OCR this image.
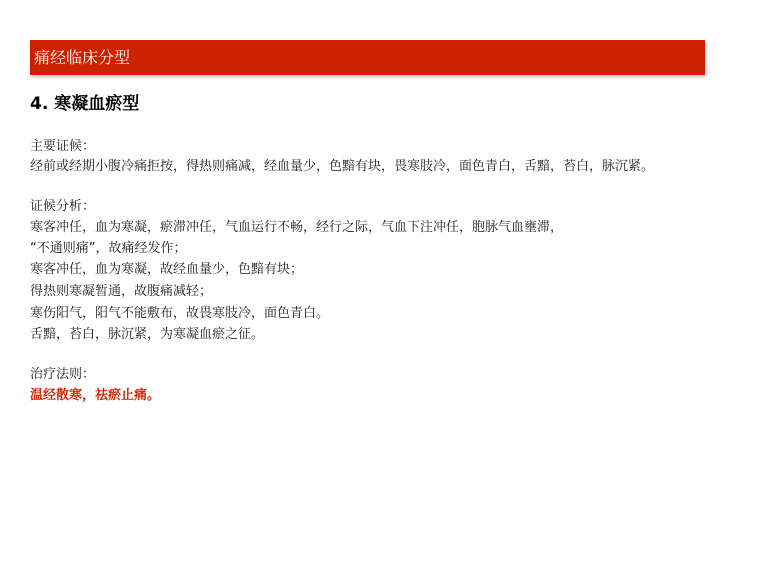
痛经临床分型
4. 寒凝血瘀型
主要证候：
经前或经期小腹冷痛拒按，得热则痛减，经血量少，色黯有块，畏寒肢冷，面色青白，舌黯，苔白，脉沉紧。
证候分析：
寒客冲任，血为寒凝，瘀滞冲任，气血运行不畅，经行之际，气血下注冲任，胞脉气血壅滞，
“不通则痛”，故痛经发作；
寒客冲任，血为寒凝，故经血量少，色黯有块；
得热则寒凝暂通，故腹痛减轻；
寒伤阳气，阳气不能敷布，故畏寒肢冷，面色青白。
舌黯，苔白，脉沉紧，为寒凝血瘀之征。
治疗法则：
温经散寒，祛瘀止痛。
